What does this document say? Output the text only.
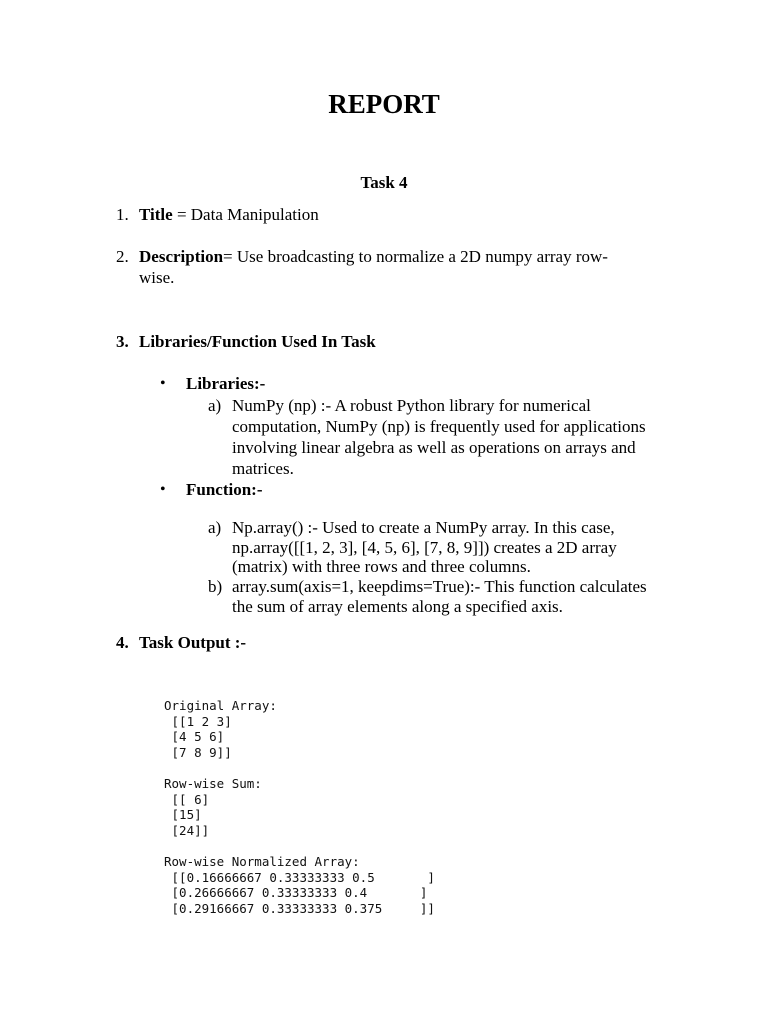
REPORT
Task 4
1. Title = Data Manipulation
2. Description= Use broadcasting to normalize a 2D numpy array row-
wise.
3. Libraries/Function Used In Task
• Libraries:-
a) NumPy (np) :- A robust Python library for numerical
computation, NumPy (np) is frequently used for applications
involving linear algebra as well as operations on arrays and
matrices.
• Function:-
a) Np.array() :- Used to create a NumPy array. In this case,
np.array([[1, 2, 3], [4, 5, 6], [7, 8, 9]]) creates a 2D array
(matrix) with three rows and three columns.
b) array.sum(axis=1, keepdims=True):- This function calculates
the sum of array elements along a specified axis.
4. Task Output :-
Original Array:
[[1 2 3]
[4 5 6]
[7 8 9]]
Row-wise Sum:
[[ 6]
[15]
[24]]
Row-wise Normalized Array:
[[0.16666667 0.33333333 0.5       ]
[0.26666667 0.33333333 0.4       ]
[0.29166667 0.33333333 0.375     ]]
